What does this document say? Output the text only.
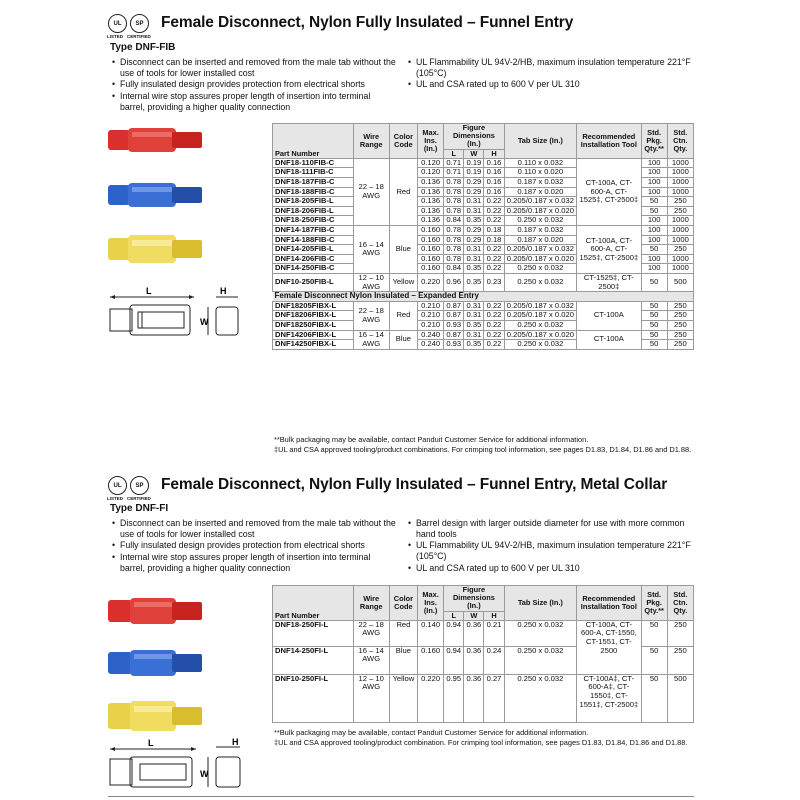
UL
LISTED
SP
CERTIFIED
Female Disconnect, Nylon Fully Insulated – Funnel Entry
Type DNF-FIB
• Disconnect can be inserted and removed from the male tab without the use of tools for lower installed cost
• Fully insulated design provides protection from electrical shorts
• Internal wire stop assures proper length of insertion into terminal barrel, providing a higher quality connection
• UL Flammability UL 94V-2/HB, maximum insulation temperature 221°F (105°C)
• UL and CSA rated up to 600 V per UL 310
L	H
W
Part Number	Wire Range	Color Code	Max. Ins. (In.)	Figure Dimensions (In.)			Tab Size (In.)	Recommended Installation Tool	Std. Pkg. Qty.**	Std. Ctn. Qty.
				L	W	H				
DNF18-110FIB-C	22 – 18 AWG	Red	0.120	0.71	0.19	0.16	0.110 x 0.032	CT-100A, CT-600-A, CT-1525‡, CT-2500‡	100	1000
DNF18-111FIB-C			0.120	0.71	0.19	0.16	0.110 x 0.020		100	1000
DNF18-187FIB-C			0.136	0.78	0.29	0.16	0.187 x 0.032		100	1000
DNF18-188FIB-C			0.136	0.78	0.29	0.16	0.187 x 0.020		100	1000
DNF18-205FIB-L			0.136	0.78	0.31	0.22	0.205/0.187 x 0.032		50	250
DNF18-206FIB-L			0.136	0.78	0.31	0.22	0.205/0.187 x 0.020		50	250
DNF18-250FIB-C			0.136	0.84	0.35	0.22	0.250 x 0.032		100	1000
DNF14-187FIB-C	16 – 14 AWG	Blue	0.160	0.78	0.29	0.18	0.187 x 0.032	CT-100A, CT-600-A, CT-1525‡, CT-2500‡	100	1000
DNF14-188FIB-C			0.160	0.78	0.29	0.18	0.187 x 0.020		100	1000
DNF14-205FIB-L			0.160	0.78	0.31	0.22	0.205/0.187 x 0.032		50	250
DNF14-206FIB-C			0.160	0.78	0.31	0.22	0.205/0.187 x 0.020		100	1000
DNF14-250FIB-C			0.160	0.84	0.35	0.22	0.250 x 0.032		100	1000
DNF10-250FIB-L	12 – 10 AWG	Yellow	0.220	0.96	0.35	0.23	0.250 x 0.032	CT-1525‡, CT-2500‡	50	500
Female Disconnect Nylon Insulated – Expanded Entry										
DNF18205FIBX-L	22 – 18 AWG	Red	0.210	0.87	0.31	0.22	0.205/0.187 x 0.032	CT-100A	50	250
DNF18206FIBX-L			0.210	0.87	0.31	0.22	0.205/0.187 x 0.020		50	250
DNF18250FIBX-L			0.210	0.93	0.35	0.22	0.250 x 0.032		50	250
DNF14206FIBX-L	16 – 14 AWG	Blue	0.240	0.87	0.31	0.22	0.205/0.187 x 0.020	CT-100A	50	250
DNF14250FIBX-L			0.240	0.93	0.35	0.22	0.250 x 0.032		50	250
**Bulk packaging may be available, contact Panduit Customer Service for additional information.
‡UL and CSA approved tooling/product combinations. For crimping tool information, see pages D1.83, D1.84, D1.86 and D1.88.
UL
LISTED
SP
CERTIFIED
Female Disconnect, Nylon Fully Insulated – Funnel Entry, Metal Collar
Type DNF-FI
• Disconnect can be inserted and removed from the male tab without the use of tools for lower installed cost
• Fully insulated design provides protection from electrical shorts
• Internal wire stop assures proper length of insertion into terminal barrel, providing a higher quality connection
• Barrel design with larger outside diameter for use with more common hand tools
• UL Flammability UL 94V-2/HB, maximum insulation temperature 221°F (105°C)
• UL and CSA rated up to 600 V per UL 310
L	H
W
Part Number	Wire Range	Color Code	Max. Ins. (In.)	Figure Dimensions (In.)			Tab Size (In.)	Recommended Installation Tool	Std. Pkg. Qty.**	Std. Ctn. Qty.
				L	W	H				
DNF18-250FI-L	22 – 18 AWG	Red	0.140	0.94	0.36	0.21	0.250 x 0.032	CT-100A, CT-600-A, CT-1550, CT-1551, CT-2500	50	250
DNF14-250FI-L	16 – 14 AWG	Blue	0.160	0.94	0.36	0.24	0.250 x 0.032		50	250
DNF10-250FI-L	12 – 10 AWG	Yellow	0.220	0.95	0.36	0.27	0.250 x 0.032	CT-100A‡, CT-600-A‡, CT-1550‡, CT-1551‡, CT-2500‡	50	500
**Bulk packaging may be available, contact Panduit Customer Service for additional information.
‡UL and CSA approved tooling/product combination. For crimping tool information, see pages D1.83, D1.84, D1.86 and D1.88.
